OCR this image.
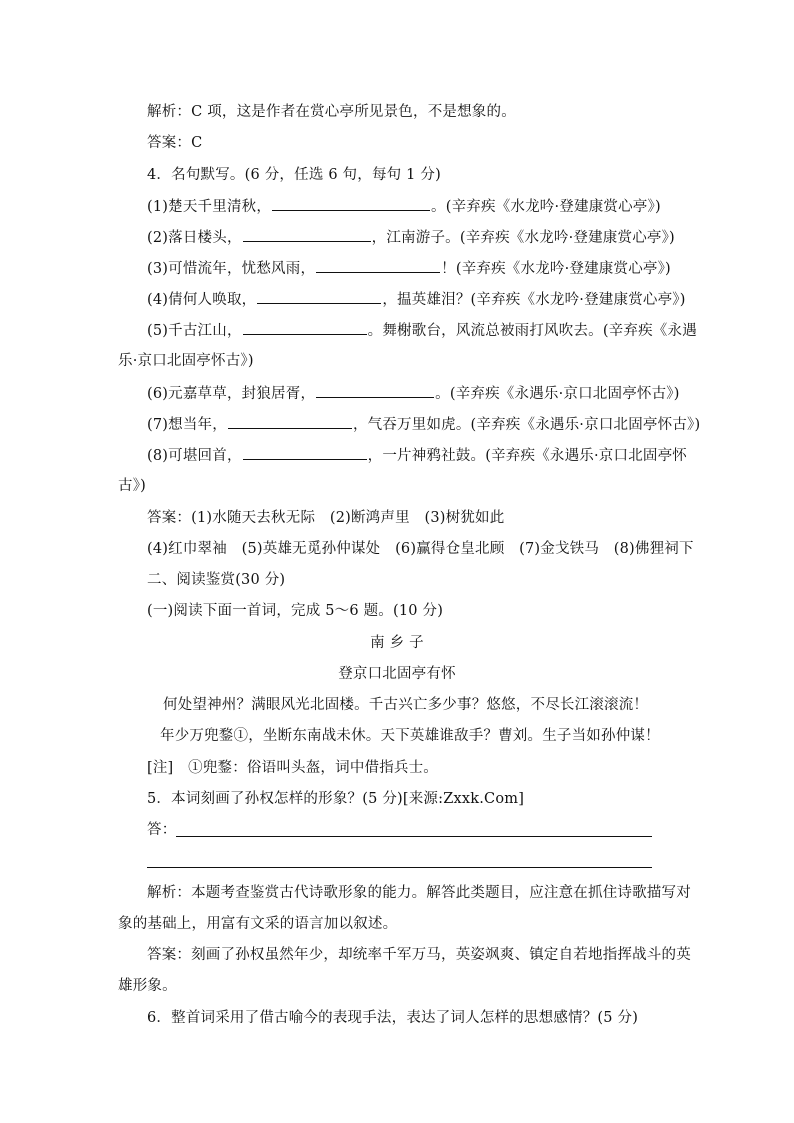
解析：C 项，这是作者在赏心亭所见景色，不是想象的。
答案：C
4．名句默写。(6 分，任选 6 句，每句 1 分)
(1)楚天千里清秋，	。(辛弃疾《水龙吟·登建康赏心亭》)
(2)落日楼头，	，江南游子。(辛弃疾《水龙吟·登建康赏心亭》)
(3)可惜流年，忧愁风雨，	！(辛弃疾《水龙吟·登建康赏心亭》)
(4)倩何人唤取，	，揾英雄泪？(辛弃疾《水龙吟·登建康赏心亭》)
(5)千古江山，	。舞榭歌台，风流总被雨打风吹去。(辛弃疾《永遇
乐·京口北固亭怀古》)
(6)元嘉草草，封狼居胥，	。(辛弃疾《永遇乐·京口北固亭怀古》)
(7)想当年，	，气吞万里如虎。(辛弃疾《永遇乐·京口北固亭怀古》)
(8)可堪回首，	，一片神鸦社鼓。(辛弃疾《永遇乐·京口北固亭怀
古》)
答案：(1)水随天去秋无际　(2)断鸿声里　(3)树犹如此
(4)红巾翠袖　(5)英雄无觅孙仲谋处　(6)赢得仓皇北顾　(7)金戈铁马　(8)佛狸祠下
二、阅读鉴赏(30 分)
(一)阅读下面一首词，完成 5～6 题。(10 分)
南 乡 子
登京口北固亭有怀
何处望神州？满眼风光北固楼。千古兴亡多少事？悠悠，不尽长江滚滚流！
年少万兜鍪①，坐断东南战未休。天下英雄谁敌手？曹刘。生子当如孙仲谋！
[注]　①兜鍪：俗语叫头盔，词中借指兵士。
5．本词刻画了孙权怎样的形象？(5 分)[来源:Zxxk.Com]
答：
解析：本题考查鉴赏古代诗歌形象的能力。解答此类题目，应注意在抓住诗歌描写对
象的基础上，用富有文采的语言加以叙述。
答案：刻画了孙权虽然年少，却统率千军万马，英姿飒爽、镇定自若地指挥战斗的英
雄形象。
6．整首词采用了借古喻今的表现手法，表达了词人怎样的思想感情？(5 分)
